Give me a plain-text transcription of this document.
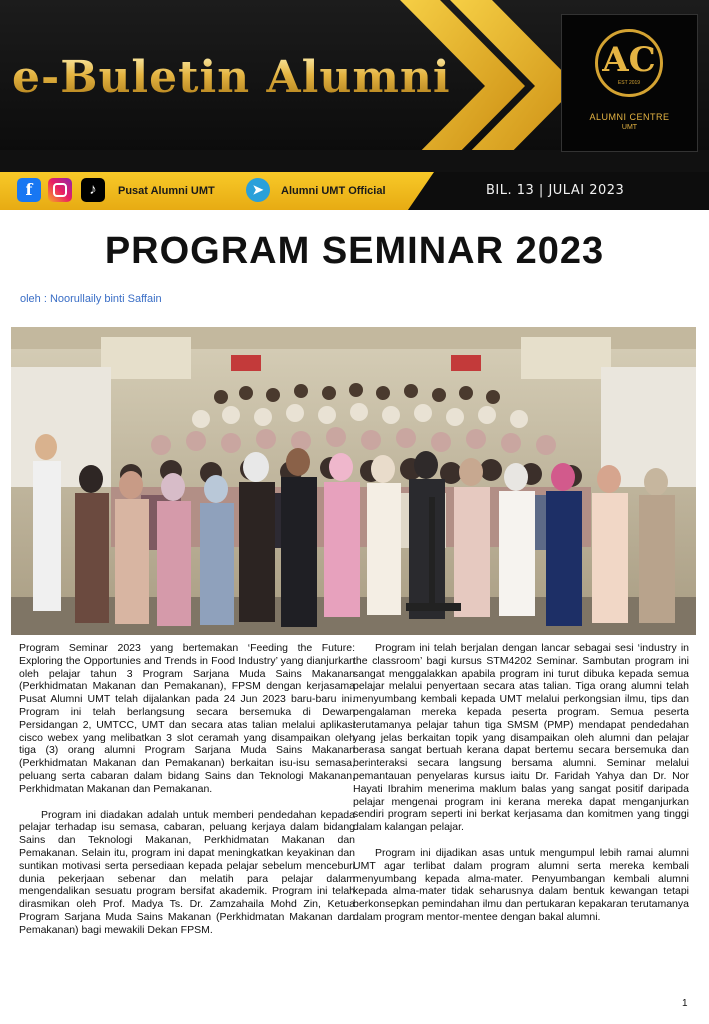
e-Buletin Alumni	AC
EST 2019
ALUMNI CENTRE
UMT
f	♪	Pusat Alumni UMT	➤	Alumni UMT Official	BIL. 13 | JULAI 2023
PROGRAM SEMINAR 2023
oleh : Noorullaily binti Saffain

Program Seminar 2023 yang bertemakan ‘Feeding the Future: Exploring the Opportunies and Trends in Food Industry’ yang dianjurkan oleh pelajar tahun 3 Program Sarjana Muda Sains Makanan (Perkhidmatan Makanan dan Pemakanan), FPSM dengan kerjasama Pusat Alumni UMT telah dijalankan pada 24 Jun 2023 baru-baru ini. Program ini telah berlangsung secara bersemuka di Dewan Persidangan 2, UMTCC, UMT dan secara atas talian melalui aplikasi cisco webex yang melibatkan 3 slot ceramah yang disampaikan oleh tiga (3) orang alumni Program Sarjana Muda Sains Makanan (Perkhidmatan Makanan dan Pemakanan) berkaitan isu-isu semasa, peluang serta cabaran dalam bidang Sains dan Teknologi Makanan, Perkhidmatan Makanan dan Pemakanan.

Program ini diadakan adalah untuk memberi pendedahan kepada pelajar terhadap isu semasa, cabaran, peluang kerjaya dalam bidang Sains dan Teknologi Makanan, Perkhidmatan Makanan dan Pemakanan. Selain itu, program ini dapat meningkatkan keyakinan dan suntikan motivasi serta persediaan kepada pelajar sebelum menceburi dunia pekerjaan sebenar dan melatih para pelajar dalam mengendalikan sesuatu program bersifat akademik. Program ini telah dirasmikan oleh Prof. Madya Ts. Dr. Zamzahaila Mohd Zin, Ketua Program Sarjana Muda Sains Makanan (Perkhidmatan Makanan dan Pemakanan) bagi mewakili Dekan FPSM.

Program ini telah berjalan dengan lancar sebagai sesi ‘industry in the classroom’ bagi kursus STM4202 Seminar. Sambutan program ini sangat menggalakkan apabila program ini turut dibuka kepada semua pelajar melalui penyertaan secara atas talian. Tiga orang alumni telah menyumbang kembali kepada UMT melalui perkongsian ilmu, tips dan pengalaman mereka kepada peserta program. Semua peserta terutamanya pelajar tahun tiga SMSM (PMP) mendapat pendedahan yang jelas berkaitan topik yang disampaikan oleh alumni dan pelajar berasa sangat bertuah kerana dapat bertemu secara bersemuka dan berinteraksi secara langsung bersama alumni. Seminar melalui pemantauan penyelaras kursus iaitu Dr. Faridah Yahya dan Dr. Nor Hayati Ibrahim menerima maklum balas yang sangat positif daripada pelajar mengenai program ini kerana mereka dapat menganjurkan sendiri program seperti ini berkat kerjasama dan komitmen yang tinggi dalam kalangan pelajar.

Program ini dijadikan asas untuk mengumpul lebih ramai alumni UMT agar terlibat dalam program alumni serta mereka kembali menyumbang kepada alma-mater. Penyumbangan kembali alumni kepada alma-mater tidak seharusnya dalam bentuk kewangan tetapi berkonsepkan pemindahan ilmu dan pertukaran kepakaran terutamanya dalam program mentor-mentee dengan bakal alumni.

1
